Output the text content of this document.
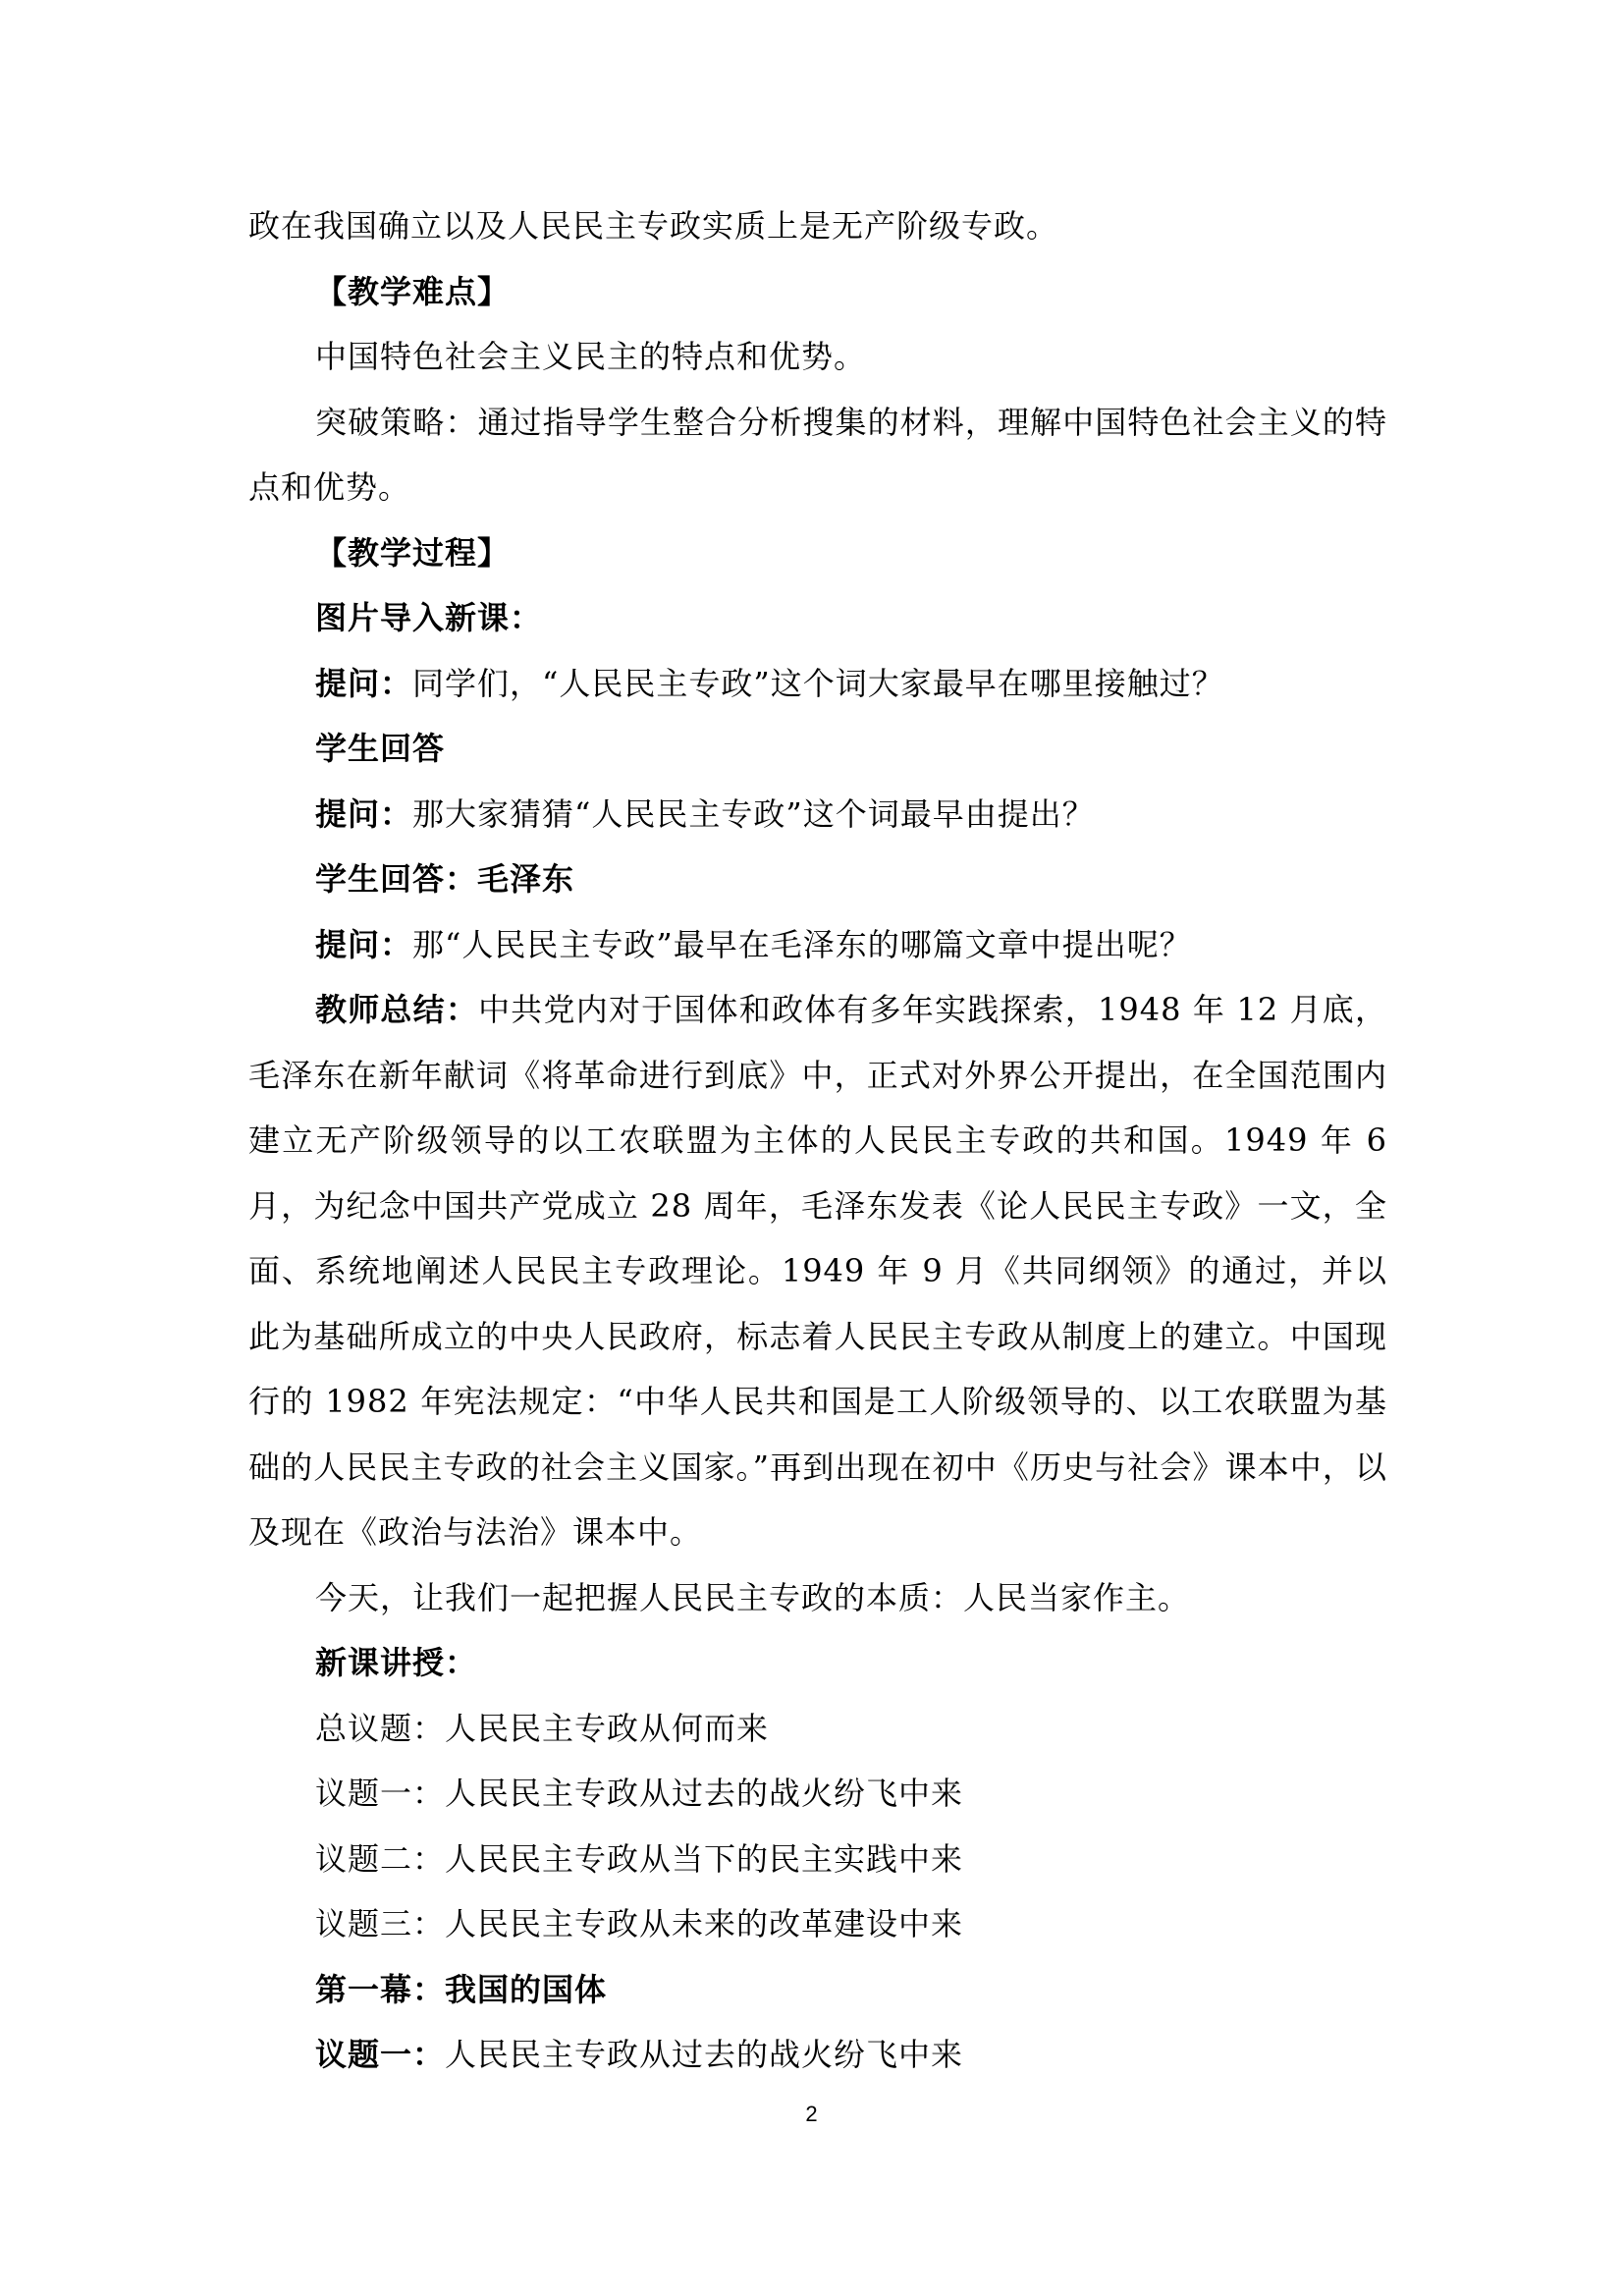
政在我国确立以及人民民主专政实质上是无产阶级专政。

【教学难点】

中国特色社会主义民主的特点和优势。

突破策略：通过指导学生整合分析搜集的材料，理解中国特色社会主义的特点和优势。

【教学过程】

图片导入新课：

提问：同学们，“人民民主专政”这个词大家最早在哪里接触过？

学生回答

提问：那大家猜猜“人民民主专政”这个词最早由提出？

学生回答：毛泽东

提问：那“人民民主专政”最早在毛泽东的哪篇文章中提出呢？

教师总结：中共党内对于国体和政体有多年实践探索，1948 年 12 月底，毛泽东在新年献词《将革命进行到底》中，正式对外界公开提出，在全国范围内建立无产阶级领导的以工农联盟为主体的人民民主专政的共和国。1949 年 6 月，为纪念中国共产党成立 28 周年，毛泽东发表《论人民民主专政》一文，全面、系统地阐述人民民主专政理论。1949 年 9 月《共同纲领》的通过，并以此为基础所成立的中央人民政府，标志着人民民主专政从制度上的建立。中国现行的 1982 年宪法规定：“中华人民共和国是工人阶级领导的、以工农联盟为基础的人民民主专政的社会主义国家。”再到出现在初中《历史与社会》课本中，以及现在《政治与法治》课本中。

今天，让我们一起把握人民民主专政的本质：人民当家作主。

新课讲授：

总议题：人民民主专政从何而来

议题一：人民民主专政从过去的战火纷飞中来

议题二：人民民主专政从当下的民主实践中来

议题三：人民民主专政从未来的改革建设中来

第一幕：我国的国体

议题一：人民民主专政从过去的战火纷飞中来

2
